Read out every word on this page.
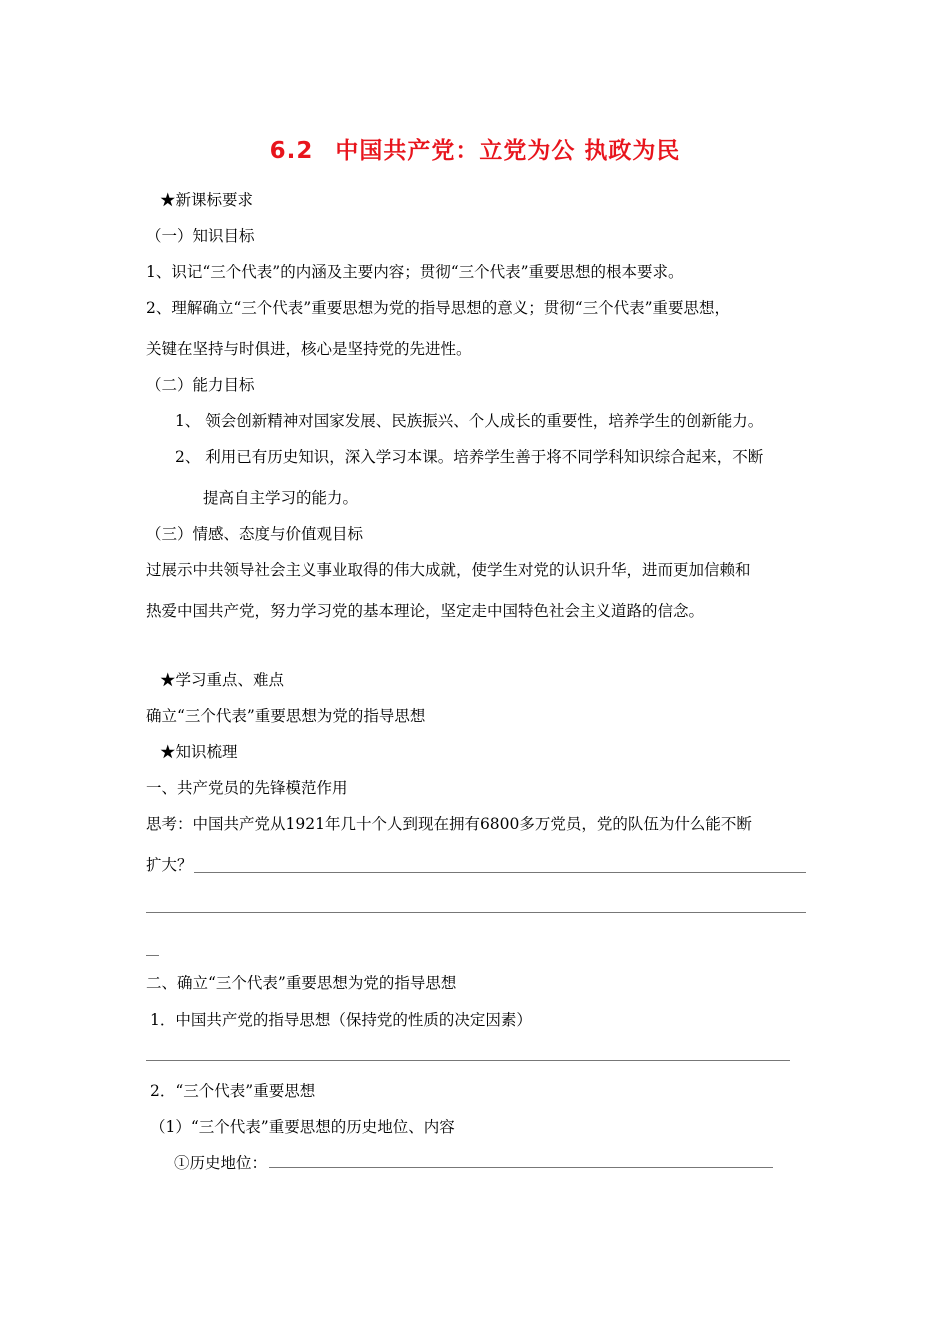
6.2 中国共产党：立党为公 执政为民
★新课标要求
（一）知识目标
1、识记“三个代表”的内涵及主要内容；贯彻“三个代表”重要思想的根本要求。
2、理解确立“三个代表”重要思想为党的指导思想的意义；贯彻“三个代表”重要思想，
关键在坚持与时俱进，核心是坚持党的先进性。
（二）能力目标
1、 领会创新精神对国家发展、民族振兴、个人成长的重要性，培养学生的创新能力。
2、 利用已有历史知识，深入学习本课。培养学生善于将不同学科知识综合起来，不断
提高自主学习的能力。
（三）情感、态度与价值观目标
过展示中共领导社会主义事业取得的伟大成就，使学生对党的认识升华，进而更加信赖和
热爱中国共产党，努力学习党的基本理论，坚定走中国特色社会主义道路的信念。
★学习重点、难点
确立“三个代表”重要思想为党的指导思想
★知识梳理
一、共产党员的先锋模范作用
思考：中国共产党从1921年几十个人到现在拥有6800多万党员，党的队伍为什么能不断
扩大？
二、确立“三个代表”重要思想为党的指导思想
1．中国共产党的指导思想（保持党的性质的决定因素）
2．“三个代表”重要思想
（1）“三个代表”重要思想的历史地位、内容
①历史地位：
